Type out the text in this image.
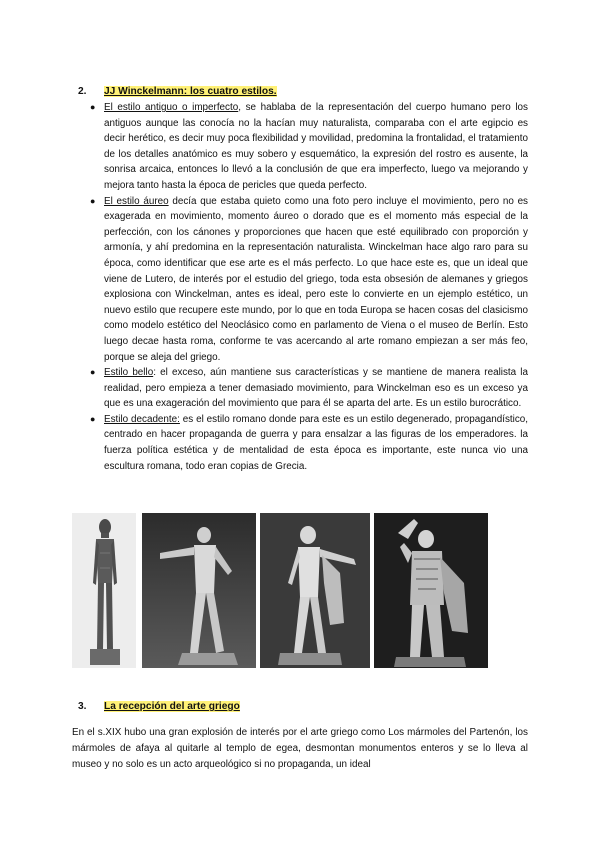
2. JJ Winckelmann: los cuatro estilos.
● El estilo antiguo o imperfecto, se hablaba de la representación del cuerpo humano pero los antiguos aunque las conocía no la hacían muy naturalista, comparaba con el arte egipcio es decir herético, es decir muy poca flexibilidad y movilidad, predomina la frontalidad, el tratamiento de los detalles anatómico es muy sobero y esquemático, la expresión del rostro es ausente, la sonrisa arcaica, entonces lo llevó a la conclusión de que era imperfecto, luego va mejorando y mejora tanto hasta la época de pericles que queda perfecto.
● El estilo áureo decía que estaba quieto como una foto pero incluye el movimiento, pero no es exagerada en movimiento, momento áureo o dorado que es el momento más especial de la perfección, con los cánones y proporciones que hacen que esté equilibrado con proporción y armonía, y ahí predomina en la representación naturalista. Winckelman hace algo raro para su época, como identificar que ese arte es el más perfecto. Lo que hace este es, que un ideal que viene de Lutero, de interés por el estudio del griego, toda esta obsesión de alemanes y griegos explosiona con Winckelman, antes es ideal, pero este lo convierte en un ejemplo estético, un nuevo estilo que recupere este mundo, por lo que en toda Europa se hacen cosas del clasicismo como modelo estético del Neoclásico como en parlamento de Viena o el museo de Berlín. Esto luego decae hasta roma, conforme te vas acercando al arte romano empiezan a ser más feo, porque se aleja del griego.
● Estilo bello: el exceso, aún mantiene sus características y se mantiene de manera realista la realidad, pero empieza a tener demasiado movimiento, para Winckelman eso es un exceso ya que es una exageración del movimiento que para él se aparta del arte. Es un estilo burocrático.
● Estilo decadente: es el estilo romano donde para este es un estilo degenerado, propagandístico, centrado en hacer propaganda de guerra y para ensalzar a las figuras de los emperadores. la fuerza política estética y de mentalidad de esta época es importante, este nunca vio una escultura romana, todo eran copias de Grecia.
3. La recepción del arte griego

En el s.XIX hubo una gran explosión de interés por el arte griego como Los mármoles del Partenón, los mármoles de afaya al quitarle al templo de egea, desmontan monumentos enteros y se lo lleva al museo y no solo es un acto arqueológico si no propaganda, un ideal
